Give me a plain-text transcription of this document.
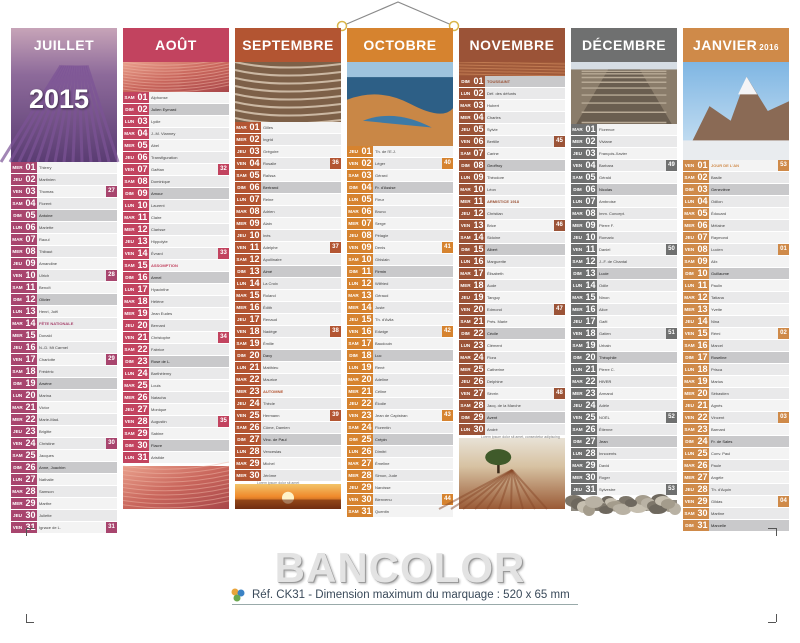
JUILLET
2015
MER 01 Thierry
JEU 02 Martinien
VEN 03 Thomas	27
SAM 04 Florent
DIM 05 Antoine
LUN 06 Mariette
MAR 07 Raoul
MER 08 Thibaut
JEU 09 Amandine
VEN 10 Ulrich	28
SAM 11 Benoît
DIM 12 Olivier
LUN 13 Henri, Joël
MAR 14 FÊTE NATIONALE
MER 15 Donald
JEU 16 N.-D. Mt Carmel
VEN 17 Charlotte	29
SAM 18 Frédéric
DIM 19 Arsène
LUN 20 Marina
MAR 21 Victor
MER 22 Marie-Mad.
JEU 23 Brigitte
VEN 24 Christine	30
SAM 25 Jacques
DIM 26 Anne, Joachim
LUN 27 Nathalie
MAR 28 Samson
MER 29 Marthe
JEU 30 Juliette
VEN 31 Ignace de L.	31
AOÛT
SAM 01 Alphonse
DIM 02 Julien Eymard
LUN 03 Lydie
MAR 04 J.-M. Vianney
MER 05 Abel
JEU 06 Transfiguration
VEN 07 Gaëtan	32
SAM 08 Dominique
DIM 09 Amour
LUN 10 Laurent
MAR 11 Claire
MER 12 Clarisse
JEU 13 Hippolyte
VEN 14 Évrard	33
SAM 15 ASSOMPTION
DIM 16 Armel
LUN 17 Hyacinthe
MAR 18 Hélène
MER 19 Jean Eudes
JEU 20 Bernard
VEN 21 Christophe	34
SAM 22 Fabrice
DIM 23 Rose de L.
LUN 24 Barthélemy
MAR 25 Louis
MER 26 Natacha
JEU 27 Monique
VEN 28 Augustin	35
SAM 29 Sabine
DIM 30 Fiacre
LUN 31 Aristide
SEPTEMBRE
MAR 01 Gilles
MER 02 Ingrid
JEU 03 Grégoire
VEN 04 Rosalie	36
SAM 05 Raïssa
DIM 06 Bertrand
LUN 07 Reine
MAR 08 Adrien
MER 09 Alain
JEU 10 Inès
VEN 11 Adelphe	37
SAM 12 Apollinaire
DIM 13 Aimé
LUN 14 La Croix
MAR 15 Roland
MER 16 Édith
JEU 17 Renaud
VEN 18 Nadège	38
SAM 19 Émilie
DIM 20 Davy
LUN 21 Matthieu
MAR 22 Maurice
MER 23 AUTOMNE
JEU 24 Thècle
VEN 25 Hermann	39
SAM 26 Côme, Damien
DIM 27 Vinc. de Paul
LUN 28 Venceslas
MAR 29 Michel
MER 30 Jérôme
Lorem ipsum dolor sit amet
OCTOBRE
JEU 01 Th. de l'E.J.
VEN 02 Léger	40
SAM 03 Gérard
DIM 04 Fr. d'Assise
LUN 05 Fleur
MAR 06 Bruno
MER 07 Serge
JEU 08 Pélagie
VEN 09 Denis	41
SAM 10 Ghislain
DIM 11 Firmin
LUN 12 Wilfried
MAR 13 Géraud
MER 14 Juste
JEU 15 Th. d'Avila
VEN 16 Edwige	42
SAM 17 Baudouin
DIM 18 Luc
LUN 19 René
MAR 20 Adeline
MER 21 Céline
JEU 22 Élodie
VEN 23 Jean de Capistran	43
SAM 24 Florentin
DIM 25 Crépin
LUN 26 Dimitri
MAR 27 Émeline
MER 28 Simon, Jude
JEU 29 Narcisse
VEN 30 Bienvenu	44
SAM 31 Quentin
NOVEMBRE
DIM 01 TOUSSAINT
LUN 02 Déf. des défunts
MAR 03 Hubert
MER 04 Charles
JEU 05 Sylvie
VEN 06 Bertille	45
SAM 07 Carine
DIM 08 Geoffroy
LUN 09 Théodore
MAR 10 Léon
MER 11 ARMISTICE 1918
JEU 12 Christian
VEN 13 Brice	46
SAM 14 Sidoine
DIM 15 Albert
LUN 16 Marguerite
MAR 17 Élisabeth
MER 18 Aude
JEU 19 Tanguy
VEN 20 Edmond	47
SAM 21 Prés. Marie
DIM 22 Cécile
LUN 23 Clément
MAR 24 Flora
MER 25 Catherine
JEU 26 Delphine
VEN 27 Sévrin	48
SAM 28 Jacq. de la Marche
DIM 29 Avent
LUN 30 André
Lorem ipsum dolor sit amet, consectetur adipiscing
DÉCEMBRE
MAR 01 Florence
MER 02 Viviane
JEU 03 François-Xavier
VEN 04 Barbara	49
SAM 05 Gérald
DIM 06 Nicolas
LUN 07 Ambroise
MAR 08 Imm. Concept.
MER 09 Pierre F.
JEU 10 Romaric
VEN 11 Daniel	50
SAM 12 J.-F. de Chantal
DIM 13 Lucie
LUN 14 Odile
MAR 15 Ninon
MER 16 Alice
JEU 17 Gaël
VEN 18 Gatien	51
SAM 19 Urbain
DIM 20 Théophile
LUN 21 Pierre C.
MAR 22 HIVER
MER 23 Armand
JEU 24 Adèle
VEN 25 NOËL	52
SAM 26 Étienne
DIM 27 Jean
LUN 28 Innocents
MAR 29 David
MER 30 Roger
JEU 31 Sylvestre	53
JANVIER 2016
VEN 01 JOUR DE L'AN	53
SAM 02 Basile
DIM 03 Geneviève
LUN 04 Odilon
MAR 05 Édouard
MER 06 Mélaine
JEU 07 Raymond
VEN 08 Lucien	01
SAM 09 Alix
DIM 10 Guillaume
LUN 11 Paulin
MAR 12 Tatiana
MER 13 Yvette
JEU 14 Nina
VEN 15 Rémi	02
SAM 16 Marcel
DIM 17 Roseline
LUN 18 Prisca
MAR 19 Marius
MER 20 Sébastien
JEU 21 Agnès
VEN 22 Vincent	03
SAM 23 Barnard
DIM 24 Fr. de Sales
LUN 25 Conv. Paul
MAR 26 Paule
MER 27 Angèle
JEU 28 Th. d'Aquin
VEN 29 Gildas	04
SAM 30 Martine
DIM 31 Marcelle
BANCOLOR
Réf. CK31 - Dimension maximum du marquage : 520 x 65 mm
